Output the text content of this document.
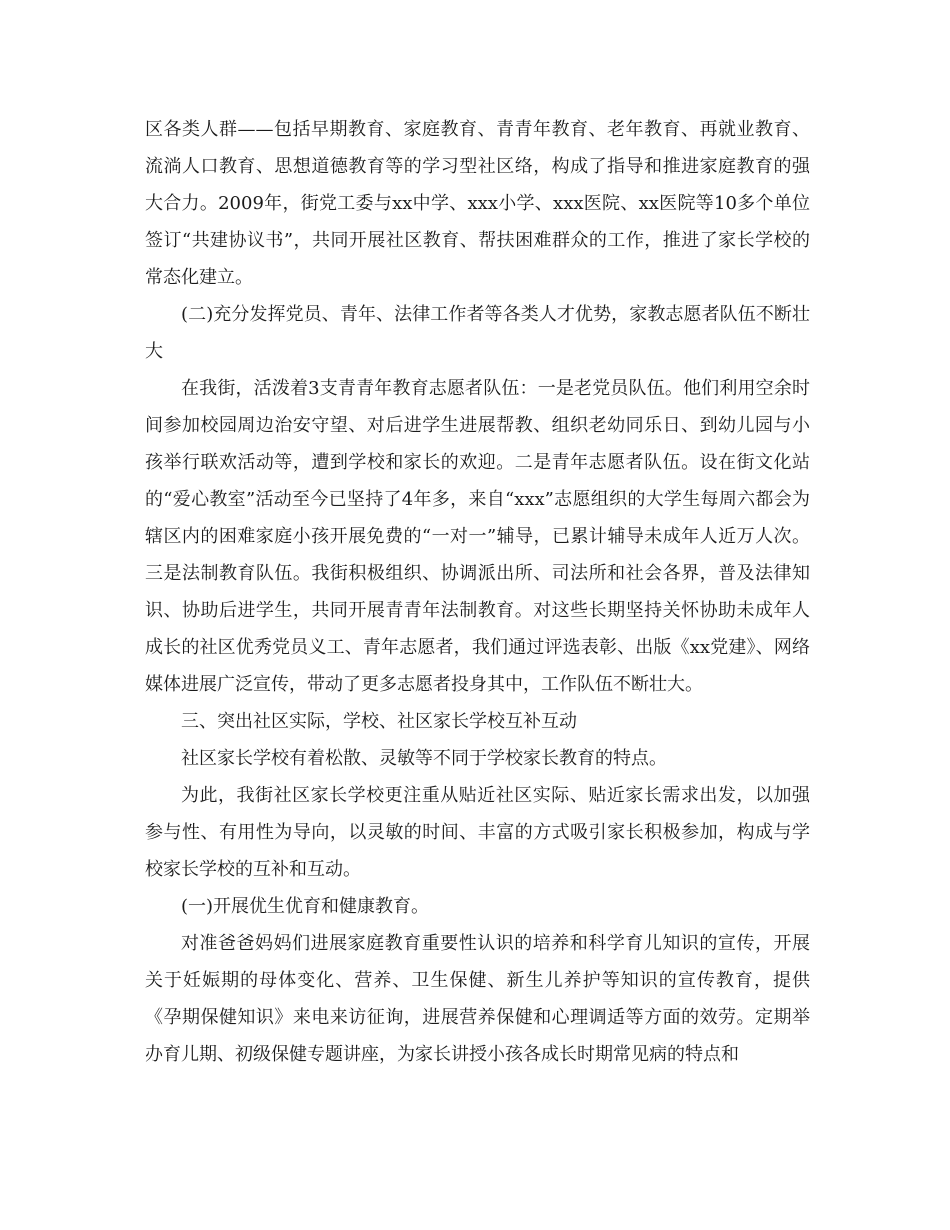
区各类人群——包括早期教育、家庭教育、青青年教育、老年教育、再就业教育、流淌人口教育、思想道德教育等的学习型社区络，构成了指导和推进家庭教育的强大合力。2009年，街党工委与xx中学、xxx小学、xxx医院、xx医院等10多个单位签订“共建协议书”，共同开展社区教育、帮扶困难群众的工作，推进了家长学校的常态化建立。

(二)充分发挥党员、青年、法律工作者等各类人才优势，家教志愿者队伍不断壮大

在我街，活泼着3支青青年教育志愿者队伍：一是老党员队伍。他们利用空余时间参加校园周边治安守望、对后进学生进展帮教、组织老幼同乐日、到幼儿园与小孩举行联欢活动等，遭到学校和家长的欢迎。二是青年志愿者队伍。设在街文化站的“爱心教室”活动至今已坚持了4年多，来自“xxx”志愿组织的大学生每周六都会为辖区内的困难家庭小孩开展免费的“一对一”辅导，已累计辅导未成年人近万人次。三是法制教育队伍。我街积极组织、协调派出所、司法所和社会各界，普及法律知识、协助后进学生，共同开展青青年法制教育。对这些长期坚持关怀协助未成年人成长的社区优秀党员义工、青年志愿者，我们通过评选表彰、出版《xx党建》、网络媒体进展广泛宣传，带动了更多志愿者投身其中，工作队伍不断壮大。

三、突出社区实际，学校、社区家长学校互补互动

社区家长学校有着松散、灵敏等不同于学校家长教育的特点。

为此，我街社区家长学校更注重从贴近社区实际、贴近家长需求出发，以加强参与性、有用性为导向，以灵敏的时间、丰富的方式吸引家长积极参加，构成与学校家长学校的互补和互动。

(一)开展优生优育和健康教育。

对准爸爸妈妈们进展家庭教育重要性认识的培养和科学育儿知识的宣传，开展关于妊娠期的母体变化、营养、卫生保健、新生儿养护等知识的宣传教育，提供《孕期保健知识》来电来访征询，进展营养保健和心理调适等方面的效劳。定期举办育儿期、初级保健专题讲座，为家长讲授小孩各成长时期常见病的特点和
